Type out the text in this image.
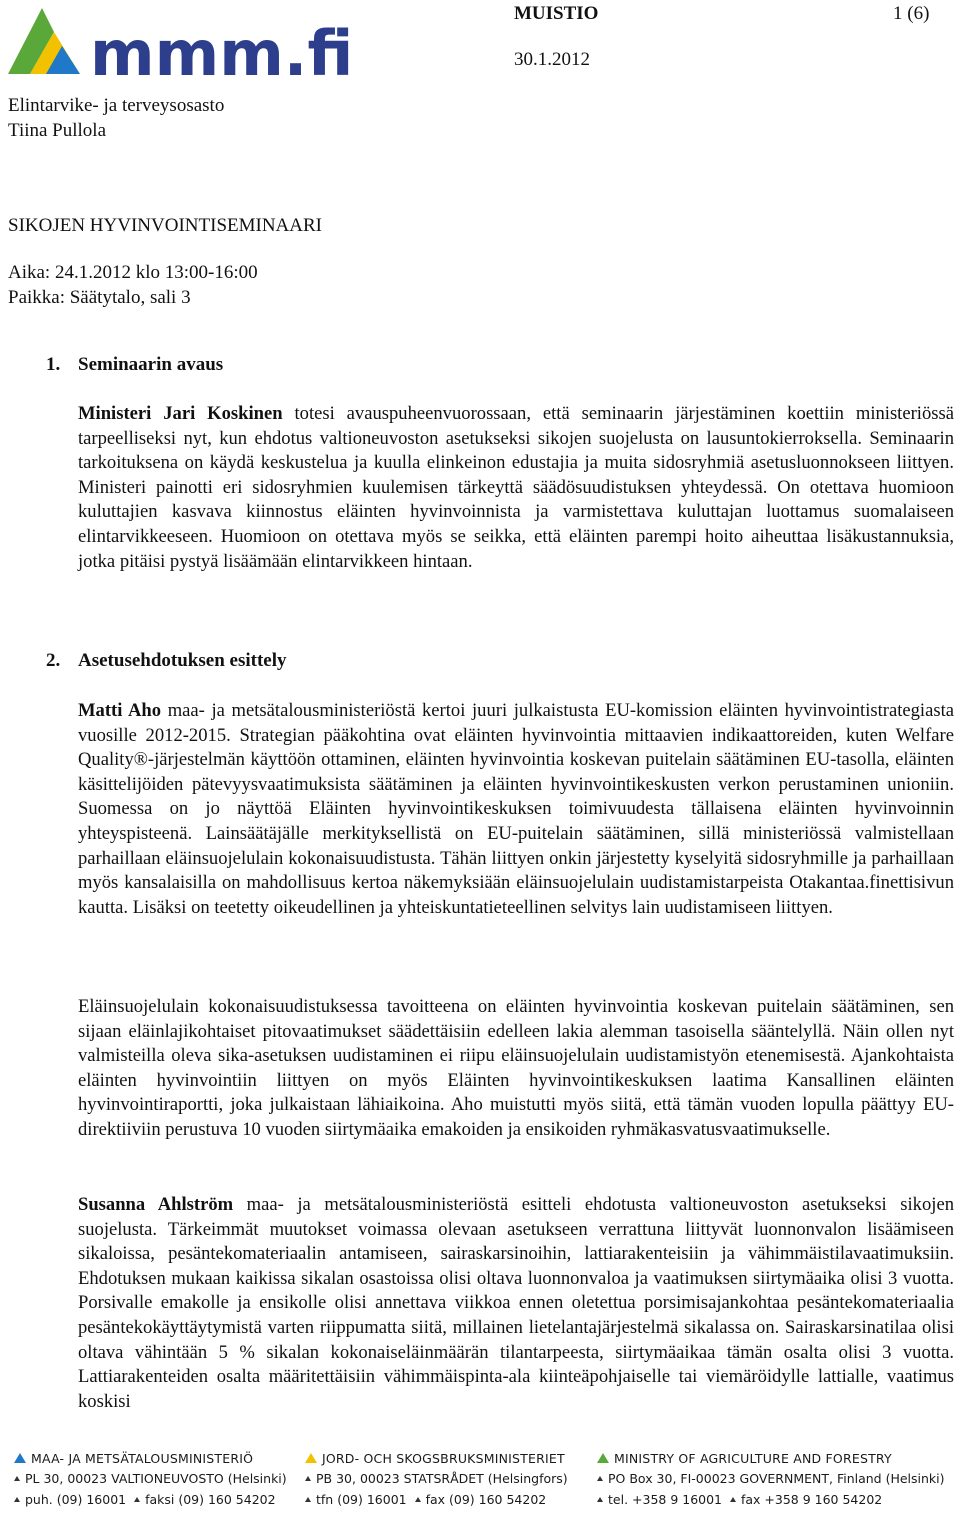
mmm.fi
MUISTIO	1 (6)
30.1.2012
Elintarvike- ja terveysosasto
Tiina Pullola
SIKOJEN HYVINVOINTISEMINAARI
Aika: 24.1.2012 klo 13:00-16:00
Paikka: Säätytalo, sali 3
1. Seminaarin avaus

Ministeri Jari Koskinen totesi avauspuheenvuorossaan, että seminaarin järjestäminen koettiin ministeriössä tarpeelliseksi nyt, kun ehdotus valtioneuvoston asetukseksi sikojen suojelusta on lausuntokierroksella. Seminaarin tarkoituksena on käydä keskustelua ja kuulla elinkeinon edustajia ja muita sidosryhmiä asetusluonnokseen liittyen. Ministeri painotti eri sidosryhmien kuulemisen tärkeyttä säädösuudistuksen yhteydessä. On otettava huomioon kuluttajien kasvava kiinnostus eläinten hyvinvoinnista ja varmistettava kuluttajan luottamus suomalaiseen elintarvikkeeseen. Huomioon on otettava myös se seikka, että eläinten parempi hoito aiheuttaa lisäkustannuksia, jotka pitäisi pystyä lisäämään elintarvikkeen hintaan.

2. Asetusehdotuksen esittely

Matti Aho maa- ja metsätalousministeriöstä kertoi juuri julkaistusta EU-komission eläinten hyvinvointistrategiasta vuosille 2012-2015. Strategian pääkohtina ovat eläinten hyvinvointia mittaavien indikaattoreiden, kuten Welfare Quality®-järjestelmän käyttöön ottaminen, eläinten hyvinvointia koskevan puitelain säätäminen EU-tasolla, eläinten käsittelijöiden pätevyysvaatimuksista säätäminen ja eläinten hyvinvointikeskusten verkon perustaminen unioniin. Suomessa on jo näyttöä Eläinten hyvinvointikeskuksen toimivuudesta tällaisena eläinten hyvinvoinnin yhteyspisteenä. Lainsäätäjälle merkityksellistä on EU-puitelain säätäminen, sillä ministeriössä valmistellaan parhaillaan eläinsuojelulain kokonaisuudistusta. Tähän liittyen onkin järjestetty kyselyitä sidosryhmille ja parhaillaan myös kansalaisilla on mahdollisuus kertoa näkemyksiään eläinsuojelulain uudistamistarpeista Otakantaa.finettisivun kautta. Lisäksi on teetetty oikeudellinen ja yhteiskuntatieteellinen selvitys lain uudistamiseen liittyen.

Eläinsuojelulain kokonaisuudistuksessa tavoitteena on eläinten hyvinvointia koskevan puitelain säätäminen, sen sijaan eläinlajikohtaiset pitovaatimukset säädettäisiin edelleen lakia alemman tasoisella sääntelyllä. Näin ollen nyt valmisteilla oleva sika-asetuksen uudistaminen ei riipu eläinsuojelulain uudistamistyön etenemisestä. Ajankohtaista eläinten hyvinvointiin liittyen on myös Eläinten hyvinvointikeskuksen laatima Kansallinen eläinten hyvinvointiraportti, joka julkaistaan lähiaikoina. Aho muistutti myös siitä, että tämän vuoden lopulla päättyy EU-direktiiviin perustuva 10 vuoden siirtymäaika emakoiden ja ensikoiden ryhmäkasvatusvaatimukselle.

Susanna Ahlström maa- ja metsätalousministeriöstä esitteli ehdotusta valtioneuvoston asetukseksi sikojen suojelusta. Tärkeimmät muutokset voimassa olevaan asetukseen verrattuna liittyvät luonnonvalon lisäämiseen sikaloissa, pesäntekomateriaalin antamiseen, sairaskarsinoihin, lattiarakenteisiin ja vähimmäistilavaatimuksiin. Ehdotuksen mukaan kaikissa sikalan osastoissa olisi oltava luonnonvaloa ja vaatimuksen siirtymäaika olisi 3 vuotta. Porsivalle emakolle ja ensikolle olisi annettava viikkoa ennen oletettua porsimisajankohtaa pesäntekomateriaalia pesäntekokäyttäytymistä varten riippumatta siitä, millainen lietelantajärjestelmä sikalassa on. Sairaskarsinatilaa olisi oltava vähintään 5 % sikalan kokonaiseläinmäärän tilantarpeesta, siirtymäaikaa tämän osalta olisi 3 vuotta. Lattiarakenteiden osalta määritettäisiin vähimmäispinta-ala kiinteäpohjaiselle tai viemäröidylle lattialle, vaatimus koskisi

MAA- JA METSÄTALOUSMINISTERIÖ
PL 30, 00023 VALTIONEUVOSTO (Helsinki)
puh. (09) 16001 faksi (09) 160 54202
JORD- OCH SKOGSBRUKSMINISTERIET
PB 30, 00023 STATSRÅDET (Helsingfors)
tfn (09) 16001 fax (09) 160 54202
MINISTRY OF AGRICULTURE AND FORESTRY
PO Box 30, FI-00023 GOVERNMENT, Finland (Helsinki)
tel. +358 9 16001 fax +358 9 160 54202
